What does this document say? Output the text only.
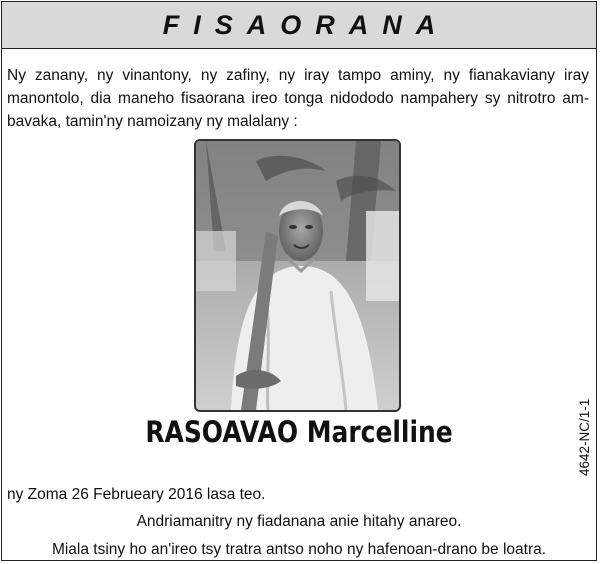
FISAORANA
Ny zanany, ny vinantony, ny zafiny, ny iray tampo aminy, ny fianakaviany iray manontolo, dia maneho fisaorana ireo tonga nidododo nampahery sy nitrotro am-bavaka, tamin'ny namoizany ny malalany :
RASOAVAO Marcelline
ny Zoma 26 Februeary 2016 lasa teo.
Andriamanitry ny fiadanana anie hitahy anareo.
Miala tsiny ho an'ireo tsy tratra antso noho ny hafenoan-drano be loatra.
4642-NC/1-1
